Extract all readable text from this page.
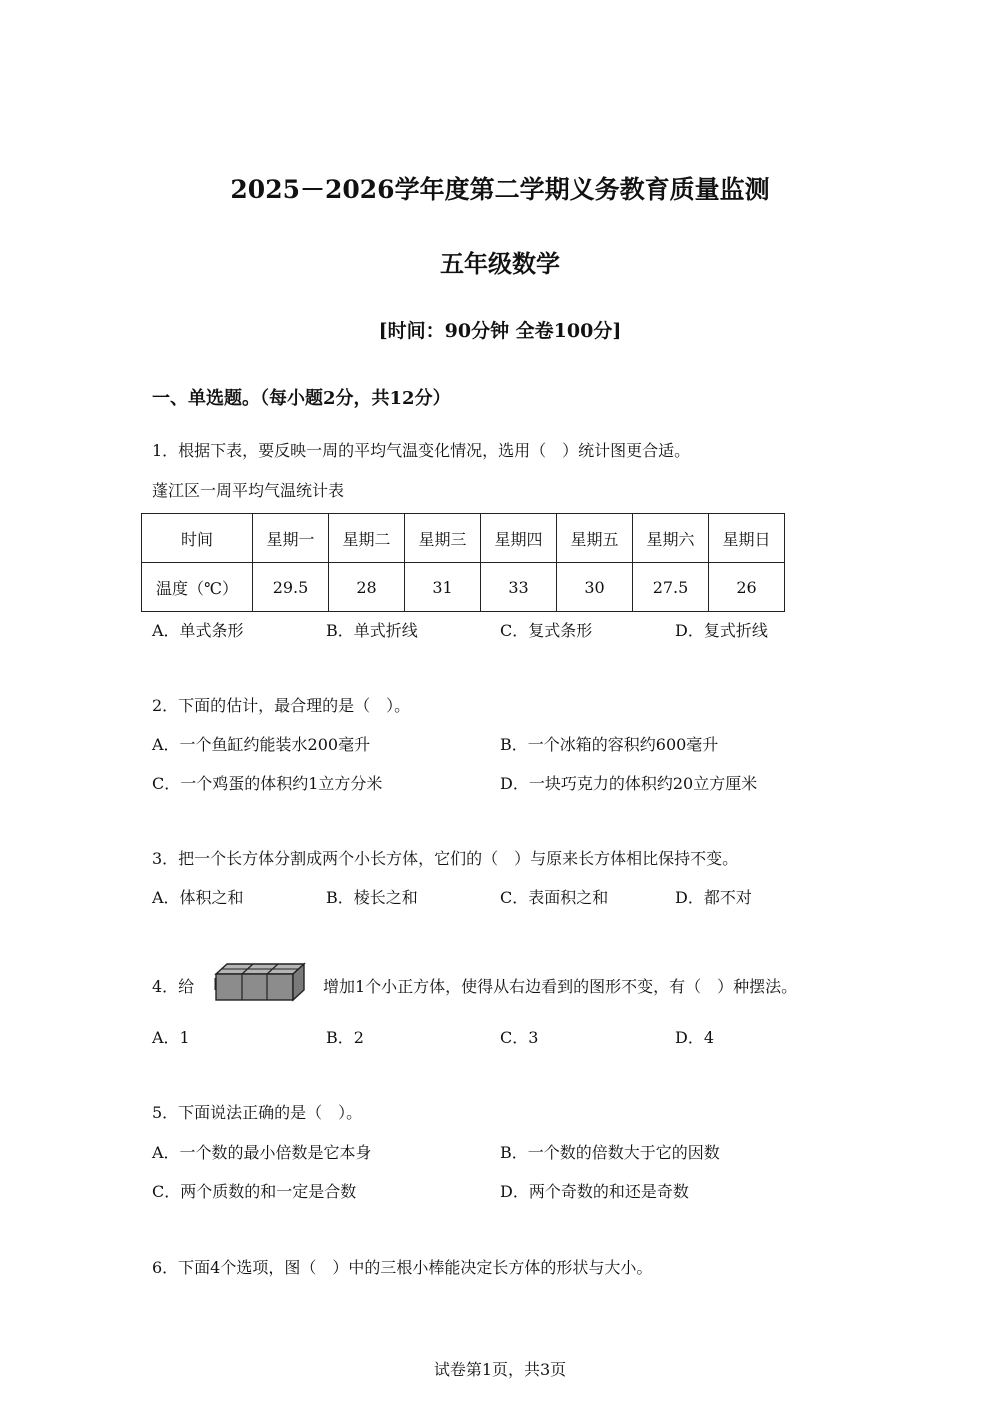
2025－2026学年度第二学期义务教育质量监测
五年级数学
[时间：90分钟 全卷100分]
一、单选题。（每小题2分，共12分）
1．根据下表，要反映一周的平均气温变化情况，选用（　）统计图更合适。
蓬江区一周平均气温统计表
时间	星期一	星期二	星期三	星期四	星期五	星期六	星期日
温度（℃）	29.5	28	31	33	30	27.5	26
A．单式条形	B．单式折线	C．复式条形	D．复式折线
2．下面的估计，最合理的是（　）。
A．一个鱼缸约能装水200毫升	B．一个冰箱的容积约600毫升
C．一个鸡蛋的体积约1立方分米	D．一块巧克力的体积约20立方厘米
3．把一个长方体分割成两个小长方体，它们的（　）与原来长方体相比保持不变。
A．体积之和	B．棱长之和	C．表面积之和	D．都不对
4．给	增加1个小正方体，使得从右边看到的图形不变，有（　）种摆法。
A．1	B．2	C．3	D．4
5．下面说法正确的是（　）。
A．一个数的最小倍数是它本身	B．一个数的倍数大于它的因数
C．两个质数的和一定是合数	D．两个奇数的和还是奇数
6．下面4个选项，图（　）中的三根小棒能决定长方体的形状与大小。
试卷第1页，共3页
